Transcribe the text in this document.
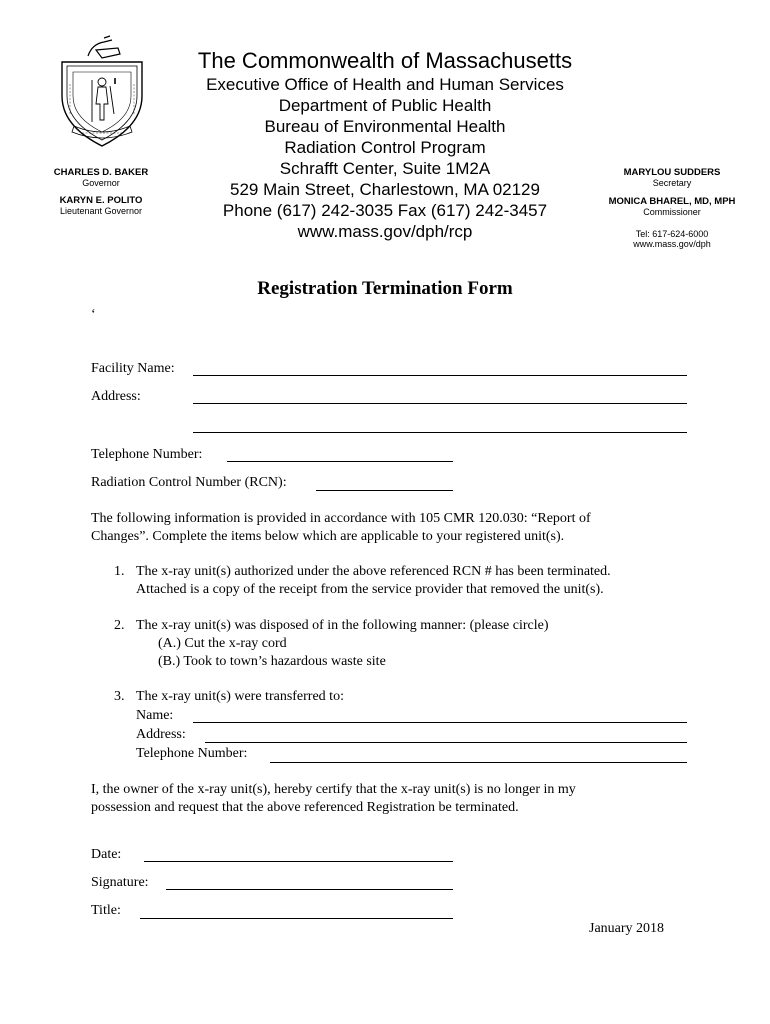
The Commonwealth of Massachusetts
Executive Office of Health and Human Services
Department of Public Health
Bureau of Environmental Health
Radiation Control Program
Schrafft Center, Suite 1M2A
529 Main Street, Charlestown, MA 02129
Phone (617) 242-3035 Fax (617) 242-3457
www.mass.gov/dph/rcp
CHARLES D. BAKER
Governor
KARYN E. POLITO
Lieutenant Governor
MARYLOU SUDDERS
Secretary
MONICA BHAREL, MD, MPH
Commissioner
Tel: 617-624-6000
www.mass.gov/dph
Registration Termination Form
‘
Facility Name:
Address:
Telephone Number:
Radiation Control Number (RCN):
The following information is provided in accordance with 105 CMR 120.030: “Report of
Changes”. Complete the items below which are applicable to your registered unit(s).
1. The x-ray unit(s) authorized under the above referenced RCN # has been terminated.
Attached is a copy of the receipt from the service provider that removed the unit(s).
2. The x-ray unit(s) was disposed of in the following manner: (please circle)
(A.) Cut the x-ray cord
(B.) Took to town’s hazardous waste site
3. The x-ray unit(s) were transferred to:
Name:
Address:
Telephone Number:
I, the owner of the x-ray unit(s), hereby certify that the x-ray unit(s) is no longer in my
possession and request that the above referenced Registration be terminated.
Date:
Signature:
Title:
January 2018
